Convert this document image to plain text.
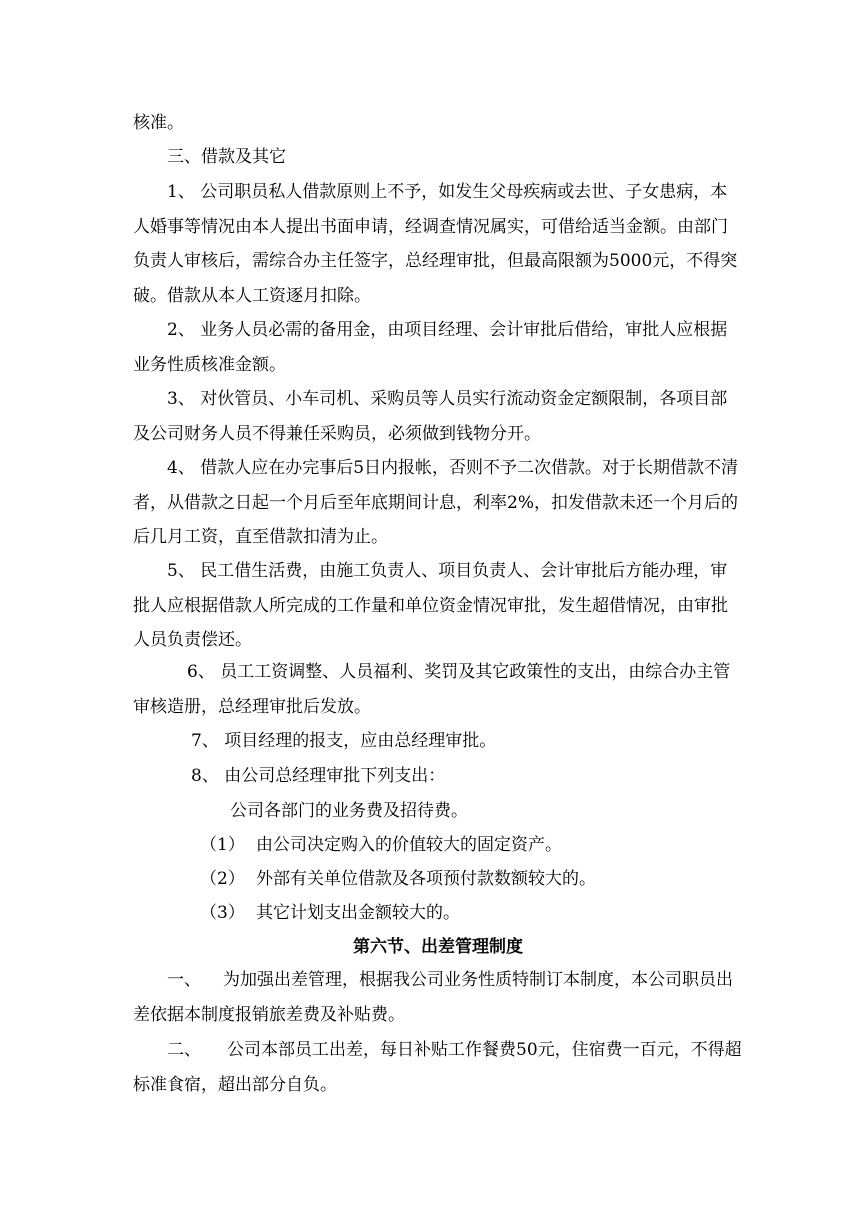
核准。

三、借款及其它

1、 公司职员私人借款原则上不予，如发生父母疾病或去世、子女患病，本人婚事等情况由本人提出书面申请，经调查情况属实，可借给适当金额。由部门负责人审核后，需综合办主任签字，总经理审批，但最高限额为5000元，不得突破。借款从本人工资逐月扣除。

2、 业务人员必需的备用金，由项目经理、会计审批后借给，审批人应根据业务性质核准金额。

3、 对伙管员、小车司机、采购员等人员实行流动资金定额限制，各项目部及公司财务人员不得兼任采购员，必须做到钱物分开。

4、 借款人应在办完事后5日内报帐，否则不予二次借款。对于长期借款不清者，从借款之日起一个月后至年底期间计息，利率2%，扣发借款未还一个月后的后几月工资，直至借款扣清为止。

5、 民工借生活费，由施工负责人、项目负责人、会计审批后方能办理，审批人应根据借款人所完成的工作量和单位资金情况审批，发生超借情况，由审批人员负责偿还。

6、 员工工资调整、人员福利、奖罚及其它政策性的支出，由综合办主管审核造册，总经理审批后发放。

7、 项目经理的报支，应由总经理审批。

8、 由公司总经理审批下列支出：

公司各部门的业务费及招待费。

（1） 由公司决定购入的价值较大的固定资产。

（2） 外部有关单位借款及各项预付款数额较大的。

（3） 其它计划支出金额较大的。

第六节、出差管理制度

一、 为加强出差管理，根据我公司业务性质特制订本制度，本公司职员出差依据本制度报销旅差费及补贴费。

二、 公司本部员工出差，每日补贴工作餐费50元，住宿费一百元，不得超标准食宿，超出部分自负。
